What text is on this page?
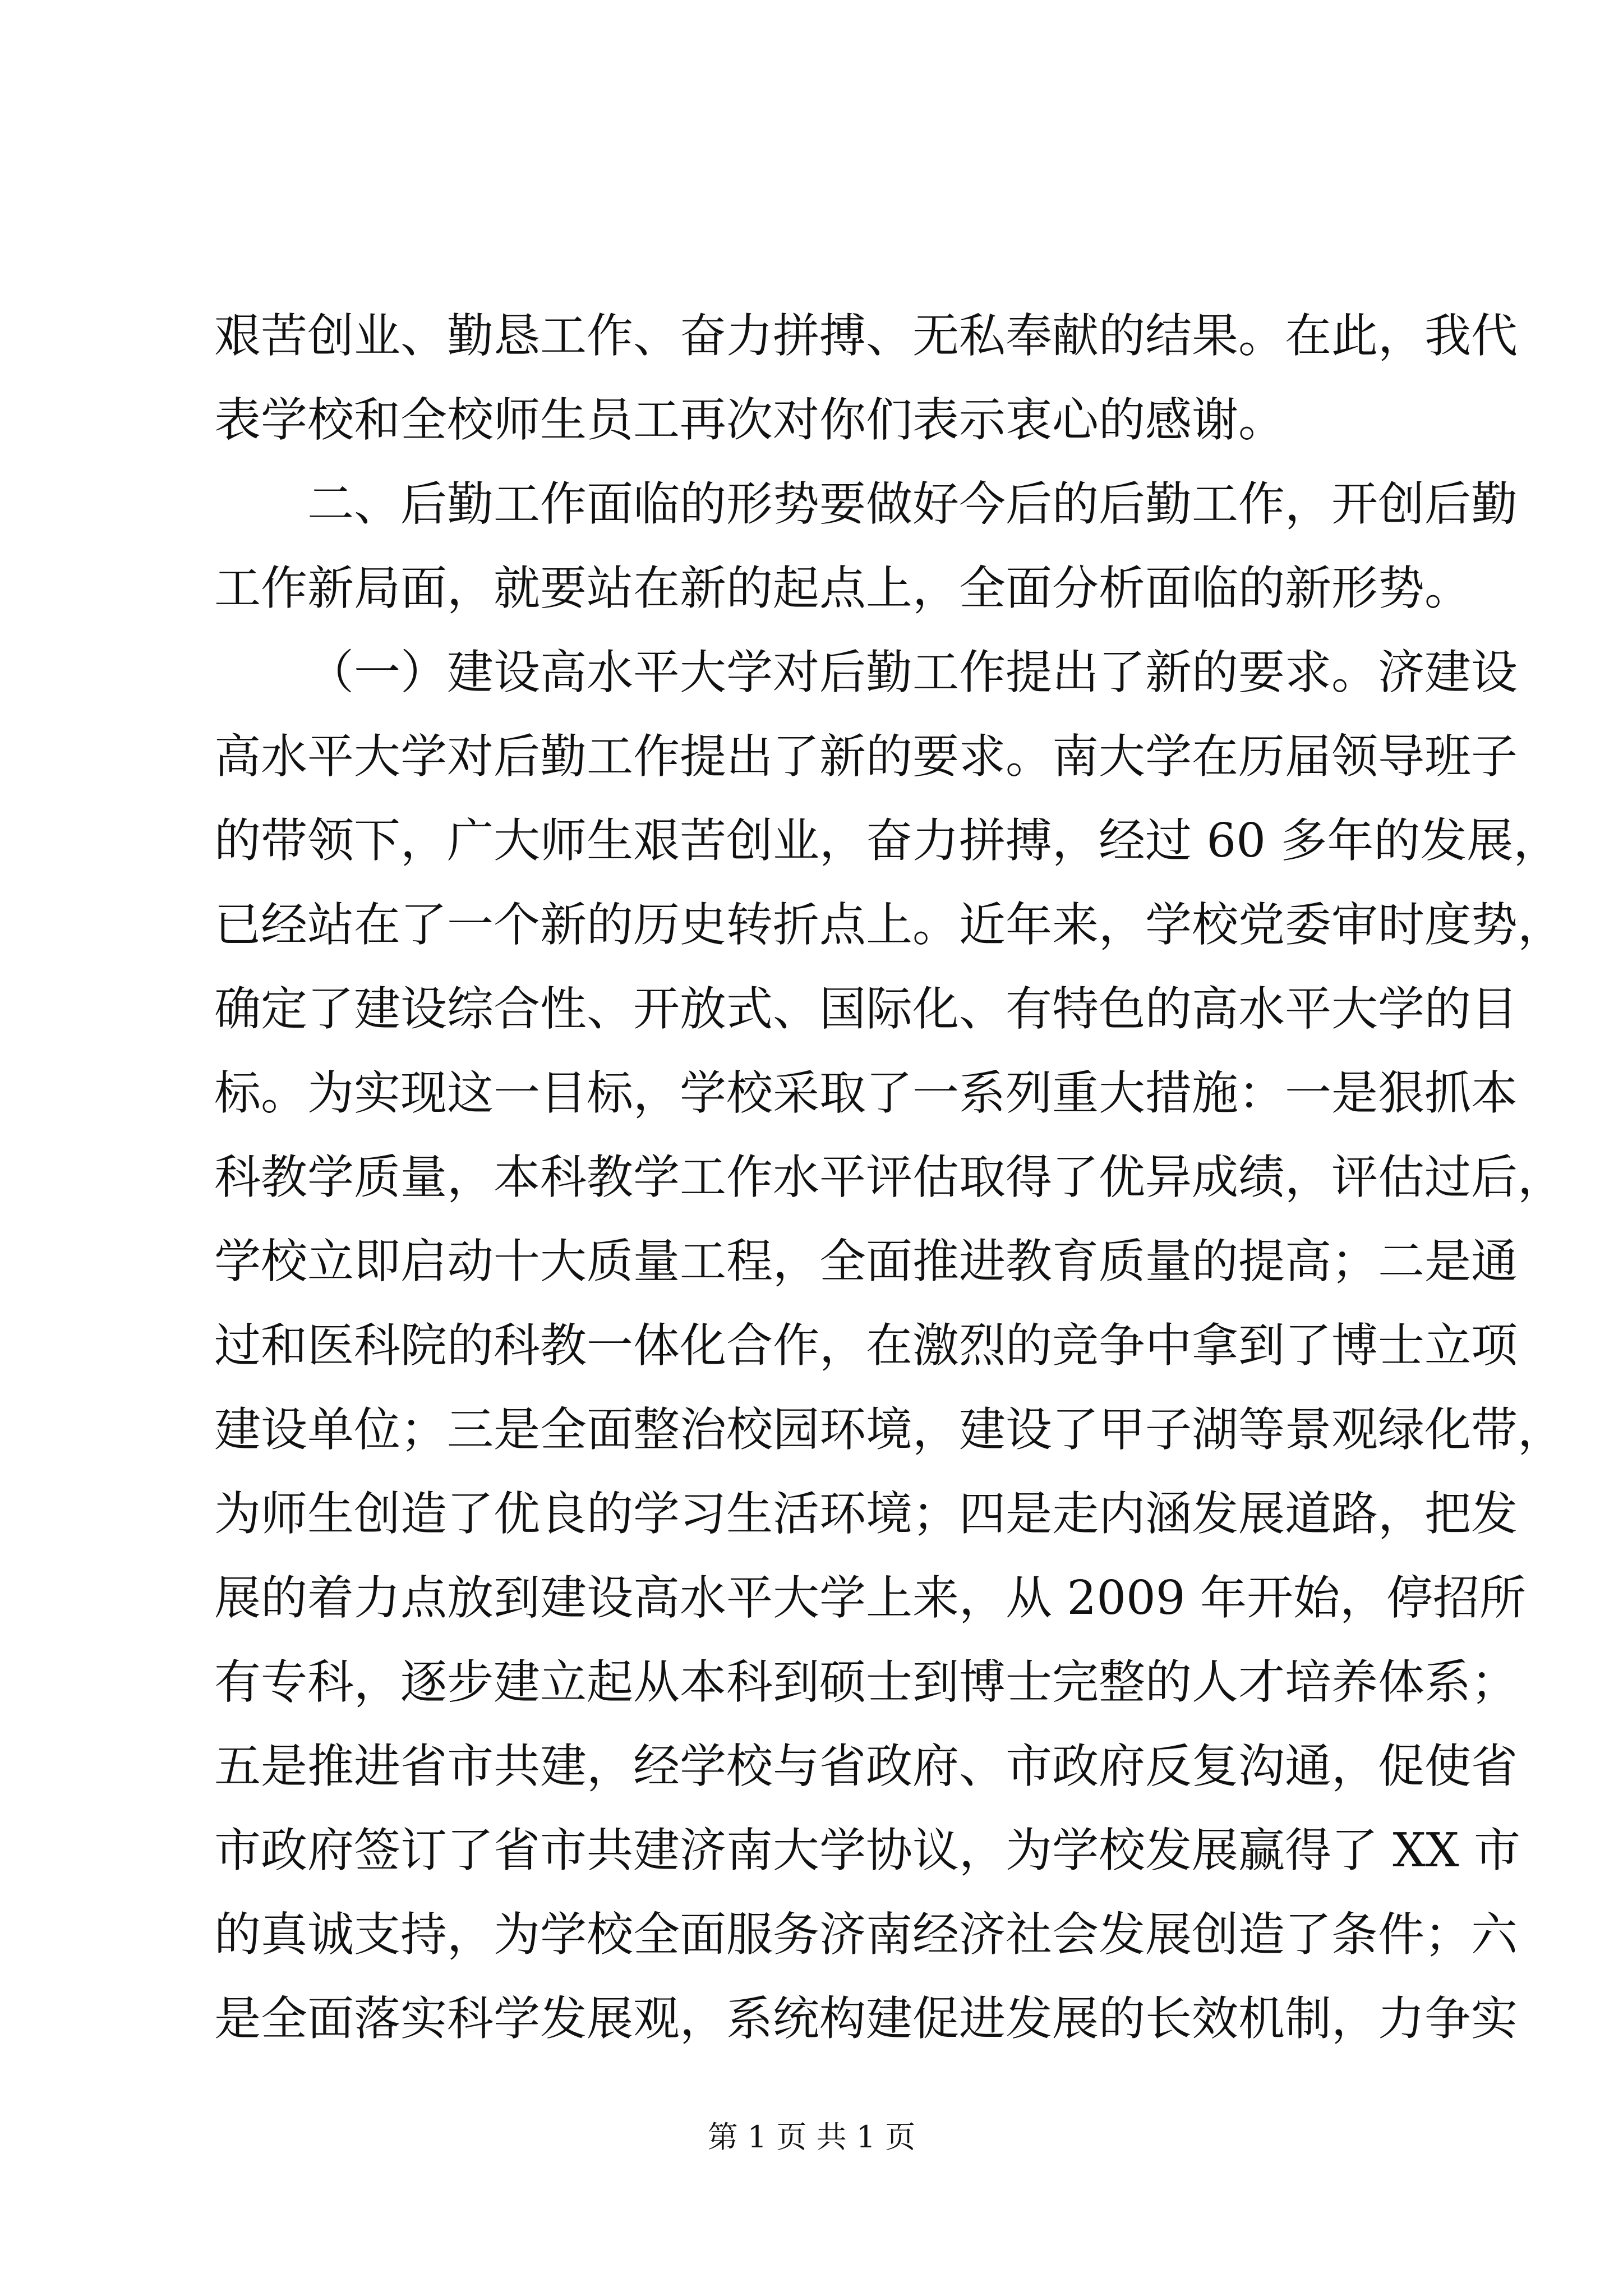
艰苦创业、勤恳工作、奋力拼搏、无私奉献的结果。在此，我代
表学校和全校师生员工再次对你们表示衷心的感谢。
二、后勤工作面临的形势要做好今后的后勤工作，开创后勤
工作新局面，就要站在新的起点上，全面分析面临的新形势。
（一）建设高水平大学对后勤工作提出了新的要求。济建设
高水平大学对后勤工作提出了新的要求。南大学在历届领导班子
的带领下，广大师生艰苦创业，奋力拼搏，经过 60 多年的发展，
已经站在了一个新的历史转折点上。近年来，学校党委审时度势，
确定了建设综合性、开放式、国际化、有特色的高水平大学的目
标。为实现这一目标，学校采取了一系列重大措施：一是狠抓本
科教学质量，本科教学工作水平评估取得了优异成绩，评估过后，
学校立即启动十大质量工程，全面推进教育质量的提高；二是通
过和医科院的科教一体化合作，在激烈的竞争中拿到了博士立项
建设单位；三是全面整治校园环境，建设了甲子湖等景观绿化带，
为师生创造了优良的学习生活环境；四是走内涵发展道路，把发
展的着力点放到建设高水平大学上来，从 2009 年开始，停招所
有专科，逐步建立起从本科到硕士到博士完整的人才培养体系；
五是推进省市共建，经学校与省政府、市政府反复沟通，促使省
市政府签订了省市共建济南大学协议，为学校发展赢得了 XX 市
的真诚支持，为学校全面服务济南经济社会发展创造了条件；六
是全面落实科学发展观，系统构建促进发展的长效机制，力争实
第 1 页 共 1 页
